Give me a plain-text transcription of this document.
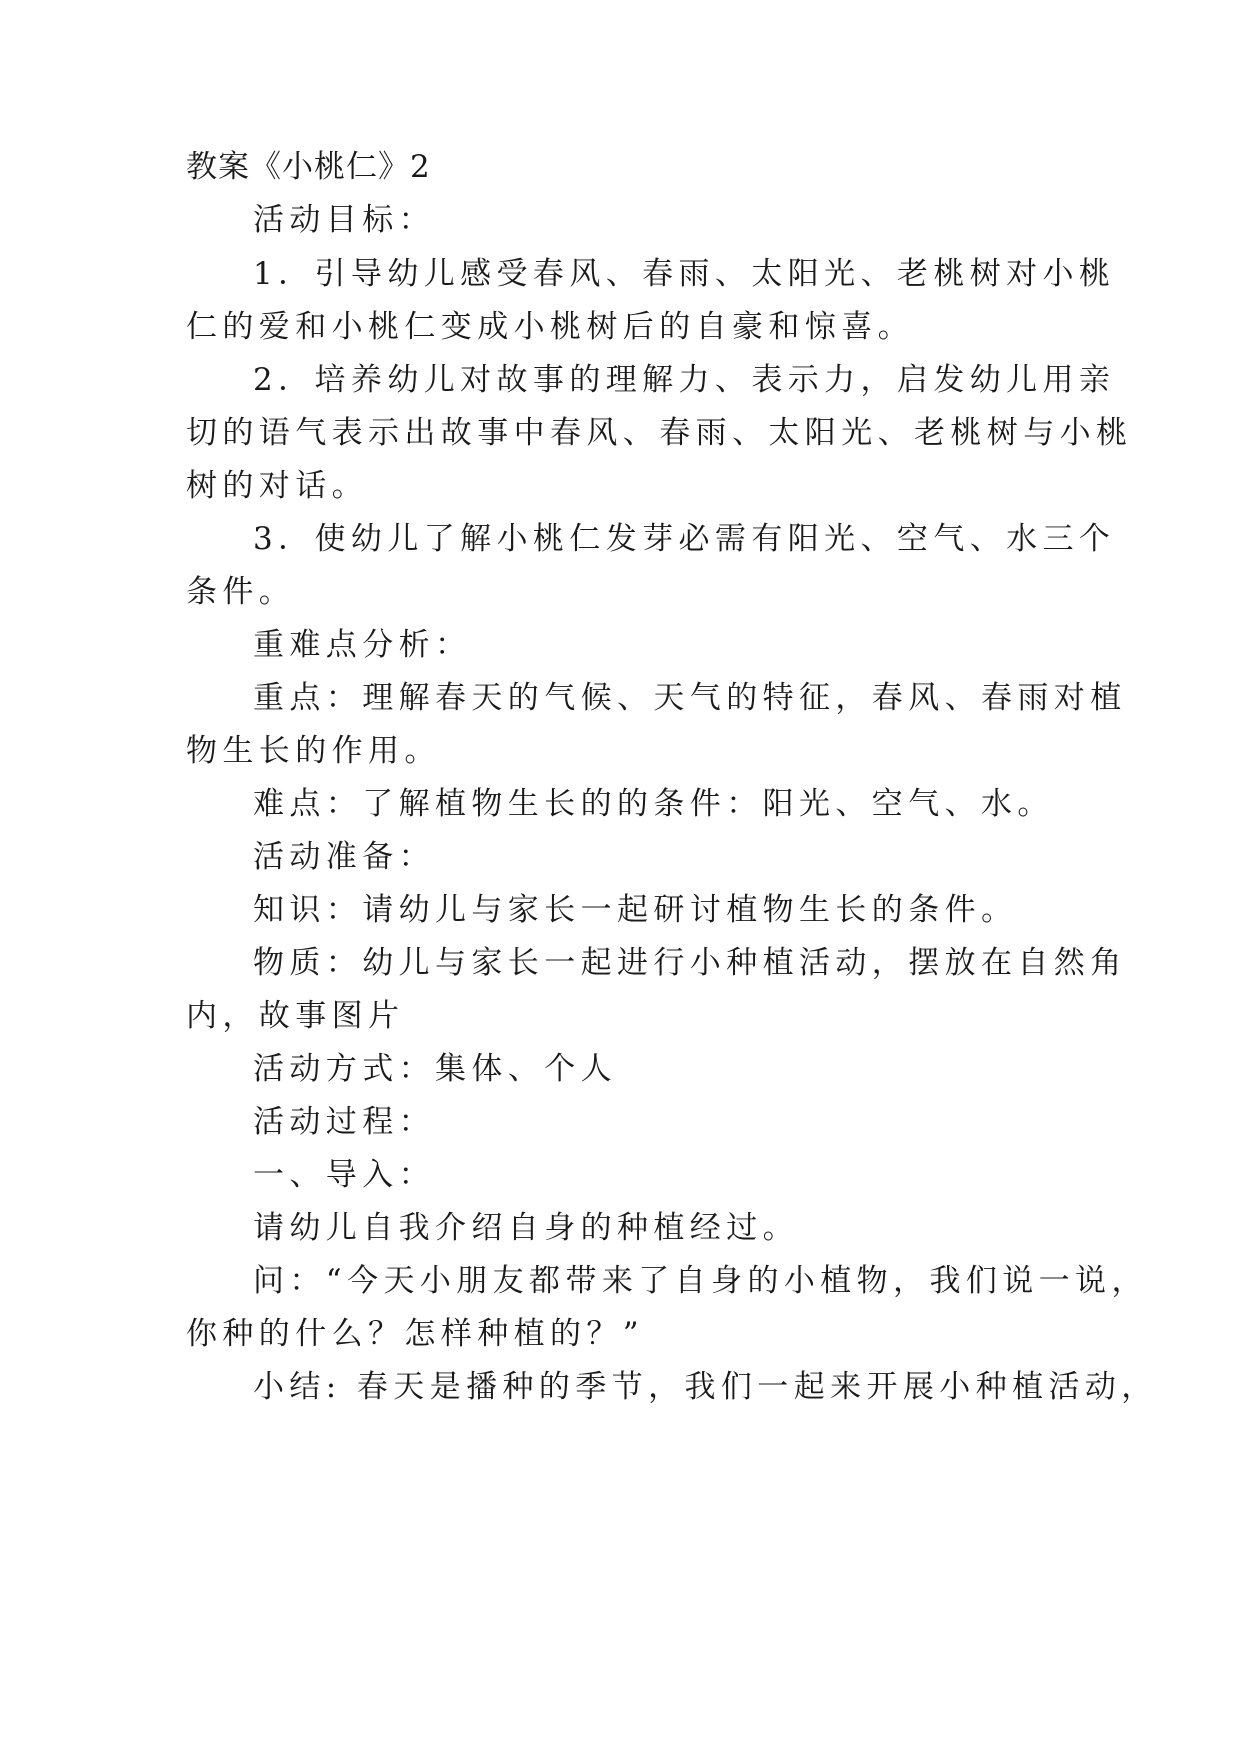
教案《小桃仁》2
活动目标：
1．引导幼儿感受春风、春雨、太阳光、老桃树对小桃
仁的爱和小桃仁变成小桃树后的自豪和惊喜。
2．培养幼儿对故事的理解力、表示力，启发幼儿用亲
切的语气表示出故事中春风、春雨、太阳光、老桃树与小桃
树的对话。
3．使幼儿了解小桃仁发芽必需有阳光、空气、水三个
条件。
重难点分析：
重点：理解春天的气候、天气的特征，春风、春雨对植
物生长的作用。
难点：了解植物生长的的条件：阳光、空气、水。
活动准备：
知识：请幼儿与家长一起研讨植物生长的条件。
物质：幼儿与家长一起进行小种植活动，摆放在自然角
内，故事图片
活动方式：集体、个人
活动过程：
一、导入：
请幼儿自我介绍自身的种植经过。
问：“今天小朋友都带来了自身的小植物，我们说一说，
你种的什么？怎样种植的？”
小结: 春天是播种的季节，我们一起来开展小种植活动，
